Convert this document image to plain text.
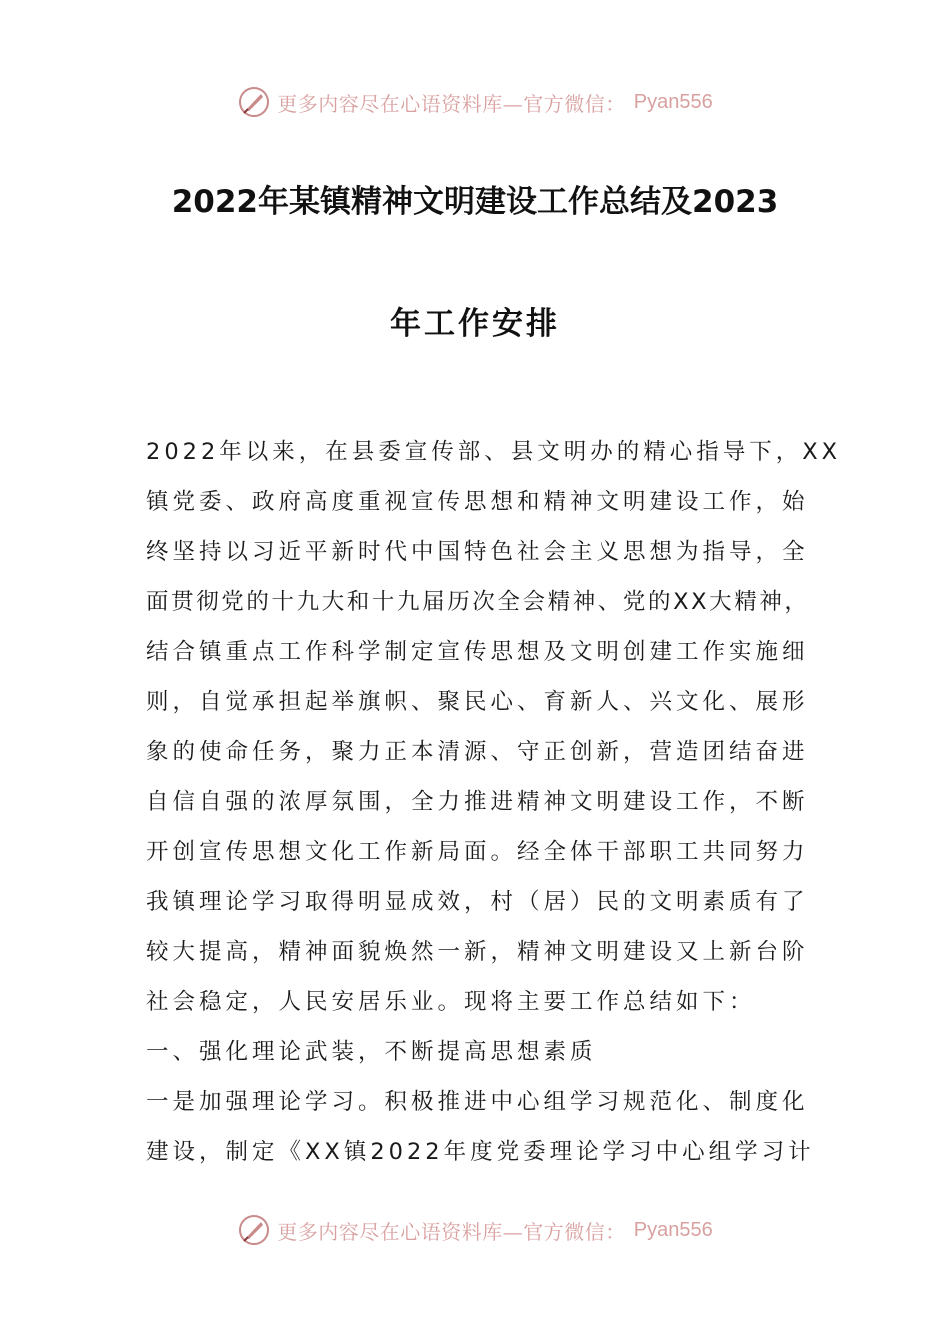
更多内容尽在心语资料库—官方微信： Pyan556
2022年某镇精神文明建设工作总结及2023
年工作安排
2022年以来，在县委宣传部、县文明办的精心指导下，XX
镇党委、政府高度重视宣传思想和精神文明建设工作，始
终坚持以习近平新时代中国特色社会主义思想为指导，全
面贯彻党的十九大和十九届历次全会精神、党的XX大精神，
结合镇重点工作科学制定宣传思想及文明创建工作实施细
则，自觉承担起举旗帜、聚民心、育新人、兴文化、展形
象的使命任务，聚力正本清源、守正创新，营造团结奋进
自信自强的浓厚氛围，全力推进精神文明建设工作，不断
开创宣传思想文化工作新局面。经全体干部职工共同努力
我镇理论学习取得明显成效，村（居）民的文明素质有了
较大提高，精神面貌焕然一新，精神文明建设又上新台阶
社会稳定，人民安居乐业。现将主要工作总结如下：
一、强化理论武装，不断提高思想素质
一是加强理论学习。积极推进中心组学习规范化、制度化
建设，制定《XX镇2022年度党委理论学习中心组学习计
更多内容尽在心语资料库—官方微信： Pyan556
